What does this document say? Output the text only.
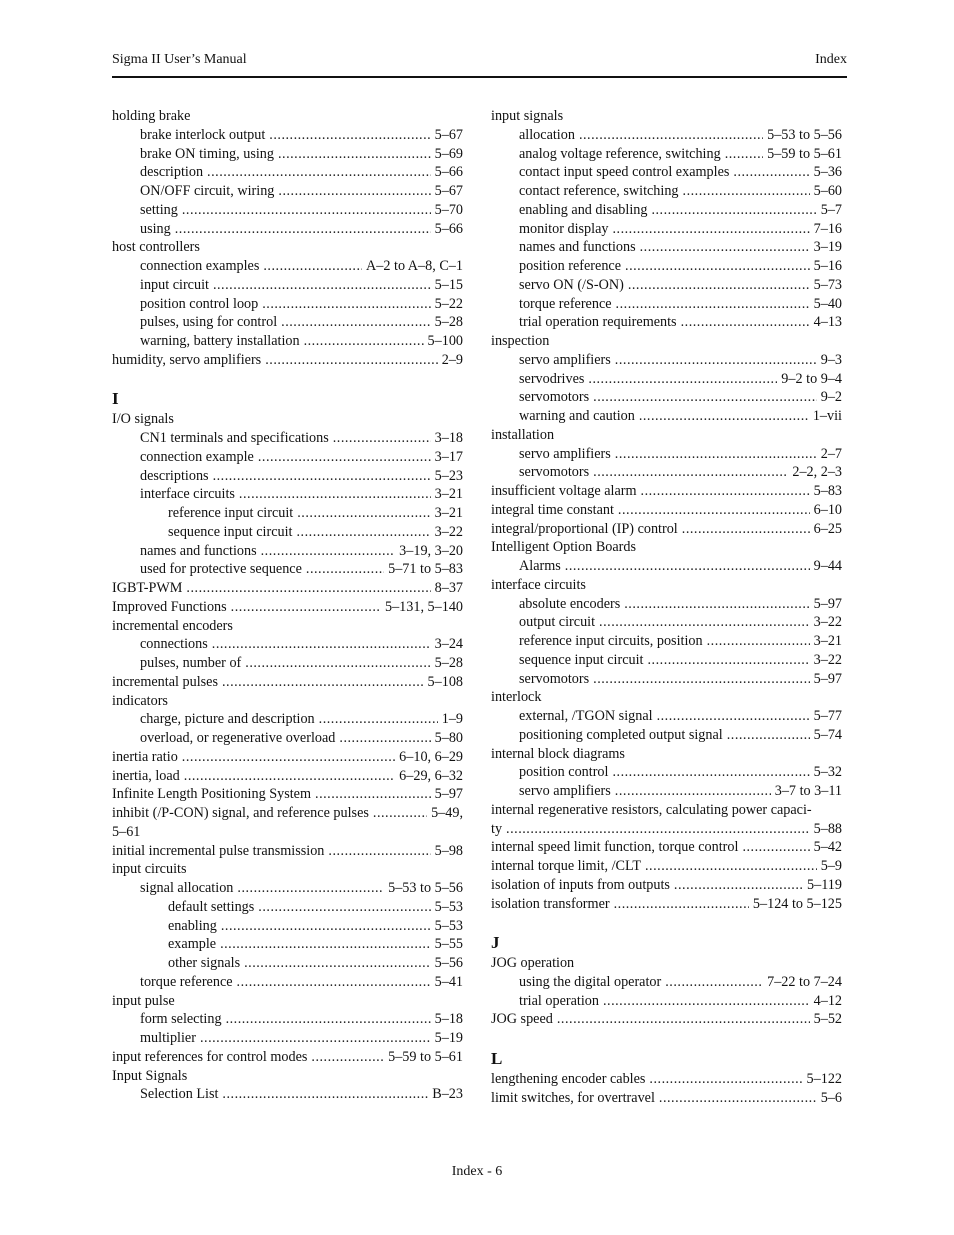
Sigma II User’s Manual	Index
holding brake
brake interlock output .....	5–67
brake ON timing, using .....	5–69
description .....	5–66
ON/OFF circuit, wiring .....	5–67
setting .....	5–70
using .....	5–66
host controllers
connection examples .....	A–2 to A–8, C–1
input circuit .....	5–15
position control loop .....	5–22
pulses, using for control .....	5–28
warning, battery installation .....	5–100
humidity, servo amplifiers .....	2–9
I
I/O signals
CN1 terminals and specifications .....	3–18
connection example .....	3–17
descriptions .....	5–23
interface circuits .....	3–21
reference input circuit .....	3–21
sequence input circuit .....	3–22
names and functions .....	3–19, 3–20
used for protective sequence .....	5–71 to 5–83
IGBT-PWM .....	8–37
Improved Functions .....	5–131, 5–140
incremental encoders
connections .....	3–24
pulses, number of .....	5–28
incremental pulses .....	5–108
indicators
charge, picture and description .....	1–9
overload, or regenerative overload .....	5–80
inertia ratio .....	6–10, 6–29
inertia, load .....	6–29, 6–32
Infinite Length Positioning System .....	5–97
inhibit (/P-CON) signal, and reference pulses .....	5–49,
5–61
initial incremental pulse transmission .....	5–98
input circuits
signal allocation .....	5–53 to 5–56
default settings .....	5–53
enabling .....	5–53
example .....	5–55
other signals .....	5–56
torque reference .....	5–41
input pulse
form selecting .....	5–18
multiplier .....	5–19
input references for control modes .....	5–59 to 5–61
Input Signals
Selection List .....	B–23
input signals
allocation .....	5–53 to 5–56
analog voltage reference, switching .....	5–59 to 5–61
contact input speed control examples .....	5–36
contact reference, switching .....	5–60
enabling and disabling .....	5–7
monitor display .....	7–16
names and functions .....	3–19
position reference .....	5–16
servo ON (/S-ON) .....	5–73
torque reference .....	5–40
trial operation requirements .....	4–13
inspection
servo amplifiers .....	9–3
servodrives .....	9–2 to 9–4
servomotors .....	9–2
warning and caution .....	1–vii
installation
servo amplifiers .....	2–7
servomotors .....	2–2, 2–3
insufficient voltage alarm .....	5–83
integral time constant .....	6–10
integral/proportional (IP) control .....	6–25
Intelligent Option Boards
Alarms .....	9–44
interface circuits
absolute encoders .....	5–97
output circuit .....	3–22
reference input circuits, position .....	3–21
sequence input circuit .....	3–22
servomotors .....	5–97
interlock
external, /TGON signal .....	5–77
positioning completed output signal .....	5–74
internal block diagrams
position control .....	5–32
servo amplifiers .....	3–7 to 3–11
internal regenerative resistors, calculating power capaci-
ty .....	5–88
internal speed limit function, torque control .....	5–42
internal torque limit, /CLT .....	5–9
isolation of inputs from outputs .....	5–119
isolation transformer .....	5–124 to 5–125
J
JOG operation
using the digital operator .....	7–22 to 7–24
trial operation .....	4–12
JOG speed .....	5–52
L
lengthening encoder cables .....	5–122
limit switches, for overtravel .....	5–6
Index - 6
